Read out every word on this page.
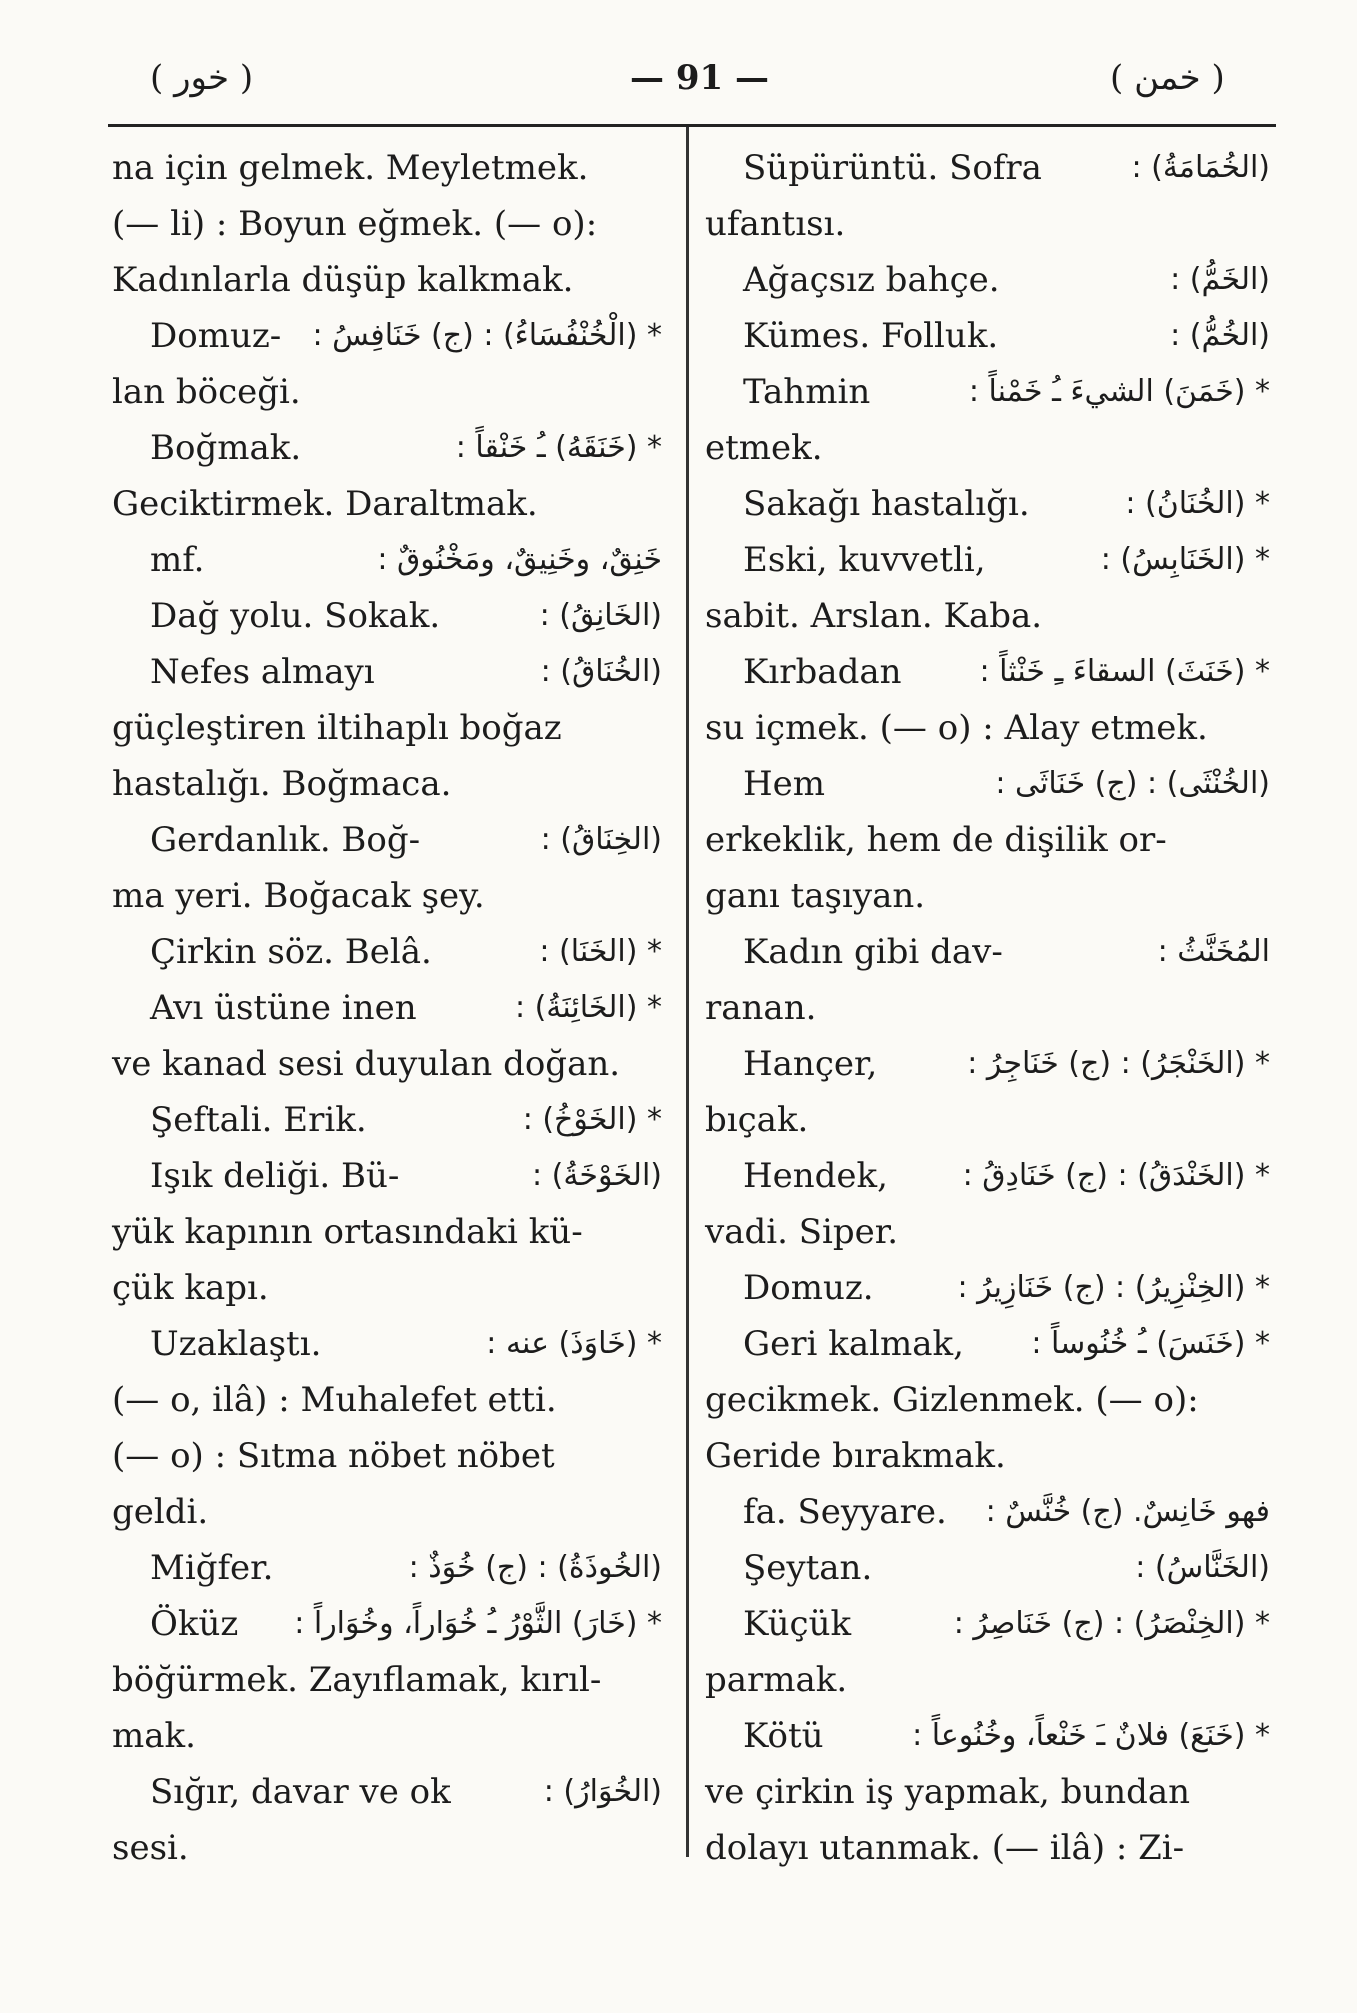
( خور )	— 91 —	( خمن )
na için gelmek. Meyletmek.
(— li) : Boyun eğmek. (— o):
Kadınlarla düşüp kalkmak.
Domuz- * (الْخُنْفُسَاءُ) : (ج) خَنَافِسُ :
lan böceği.
Boğmak.	* (خَنَقَهُ) ـُ خَنْقاً :
Geciktirmek. Daraltmak.
mf.	خَنِقٌ، وخَنِيقٌ، ومَخْنُوقٌ :
Dağ yolu. Sokak.	(الخَانِقُ) :
Nefes almayı	(الخُنَاقُ) :
güçleştiren iltihaplı boğaz
hastalığı. Boğmaca.
Gerdanlık. Boğ-	(الخِنَاقُ) :
ma yeri. Boğacak şey.
Çirkin söz. Belâ.	* (الخَنَا) :
Avı üstüne inen	* (الخَائِنَةُ) :
ve kanad sesi duyulan doğan.
Şeftali. Erik.	* (الخَوْخُ) :
Işık deliği. Bü-	(الخَوْخَةُ) :
yük kapının ortasındaki kü-
çük kapı.
Uzaklaştı.	* (خَاوَذَ) عنه :
(— o, ilâ) : Muhalefet etti.
(— o) : Sıtma nöbet nöbet
geldi.
Miğfer.	(الخُوذَةُ) : (ج) خُوَذٌ :
Öküz * (خَارَ) الثَّوْرُ ـُ خُوَاراً، وخُوَاراً :
böğürmek. Zayıflamak, kırıl-
mak.
Sığır, davar ve ok	(الخُوَارُ) :
sesi.
Süpürüntü. Sofra	(الخُمَامَةُ) :
ufantısı.
Ağaçsız bahçe.	(الخَمُّ) :
Kümes. Folluk.	(الخُمُّ) :
Tahmin	* (خَمَنَ) الشيءَ ـُ خَمْناً :
etmek.
Sakağı hastalığı.	* (الخُنَانُ) :
Eski, kuvvetli,	* (الخَنَابِسُ) :
sabit. Arslan. Kaba.
Kırbadan	* (خَنَثَ) السقاءَ ـِ خَنْثاً :
su içmek. (— o) : Alay etmek.
Hem	(الخُنْثَى) : (ج) خَنَاثَى :
erkeklik, hem de dişilik or-
ganı taşıyan.
Kadın gibi dav-	المُخَنَّثُ :
ranan.
Hançer,	* (الخَنْجَرُ) : (ج) خَنَاجِرُ :
bıçak.
Hendek, * (الخَنْدَقُ) : (ج) خَنَادِقُ :
vadi. Siper.
Domuz.	* (الخِنْزِيرُ) : (ج) خَنَازِيرُ :
Geri kalmak, * (خَنَسَ) ـُ خُنُوساً :
gecikmek. Gizlenmek. (— o):
Geride bırakmak.
fa. Seyyare. فهو خَانِسٌ. (ج) خُنَّسٌ :
Şeytan.	(الخَنَّاسُ) :
Küçük	* (الخِنْصَرُ) : (ج) خَنَاصِرُ :
parmak.
Kötü	* (خَنَعَ) فلانٌ ـَ خَنْعاً، وخُنُوعاً :
ve çirkin iş yapmak, bundan
dolayı utanmak. (— ilâ) : Zi-
